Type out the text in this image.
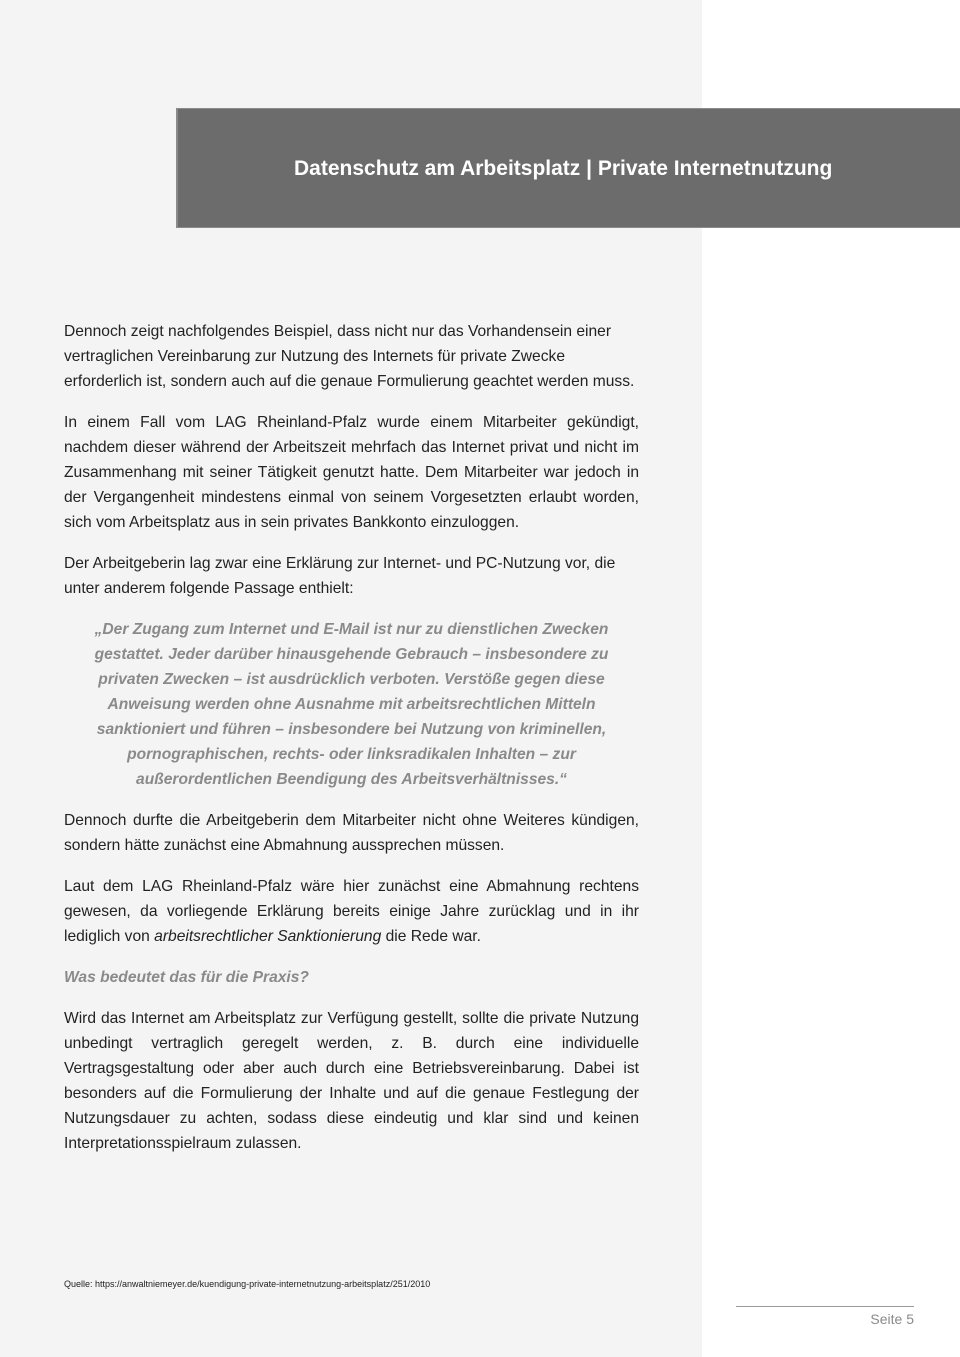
Datenschutz am Arbeitsplatz | Private Internetnutzung

Dennoch zeigt nachfolgendes Beispiel, dass nicht nur das Vorhandensein einer vertraglichen Vereinbarung zur Nutzung des Internets für private Zwecke erforderlich ist, sondern auch auf die genaue Formulierung geachtet werden muss.

In einem Fall vom LAG Rheinland-Pfalz wurde einem Mitarbeiter gekündigt, nachdem dieser während der Arbeitszeit mehrfach das Internet privat und nicht im Zusammenhang mit seiner Tätigkeit genutzt hatte. Dem Mitarbeiter war jedoch in der Vergangenheit mindestens einmal von seinem Vorgesetzten erlaubt worden, sich vom Arbeitsplatz aus in sein privates Bankkonto einzuloggen.

Der Arbeitgeberin lag zwar eine Erklärung zur Internet- und PC-Nutzung vor, die unter anderem folgende Passage enthielt:

„Der Zugang zum Internet und E-Mail ist nur zu dienstlichen Zwecken gestattet. Jeder darüber hinausgehende Gebrauch – insbesondere zu privaten Zwecken – ist ausdrücklich verboten. Verstöße gegen diese Anweisung werden ohne Ausnahme mit arbeitsrechtlichen Mitteln sanktioniert und führen – insbesondere bei Nutzung von kriminellen, pornographischen, rechts- oder linksradikalen Inhalten – zur außerordentlichen Beendigung des Arbeitsverhältnisses.“

Dennoch durfte die Arbeitgeberin dem Mitarbeiter nicht ohne Weiteres kündigen, sondern hätte zunächst eine Abmahnung aussprechen müssen.

Laut dem LAG Rheinland-Pfalz wäre hier zunächst eine Abmahnung rechtens gewesen, da vorliegende Erklärung bereits einige Jahre zurücklag und in ihr lediglich von arbeitsrechtlicher Sanktionierung die Rede war.

Was bedeutet das für die Praxis?

Wird das Internet am Arbeitsplatz zur Verfügung gestellt, sollte die private Nutzung unbedingt vertraglich geregelt werden, z. B. durch eine individuelle Vertragsgestaltung oder aber auch durch eine Betriebsvereinbarung. Dabei ist besonders auf die Formulierung der Inhalte und auf die genaue Festlegung der Nutzungsdauer zu achten, sodass diese eindeutig und klar sind und keinen Interpretationsspielraum zulassen.

Quelle: https://anwaltniemeyer.de/kuendigung-private-internetnutzung-arbeitsplatz/251/2010
Seite 5
